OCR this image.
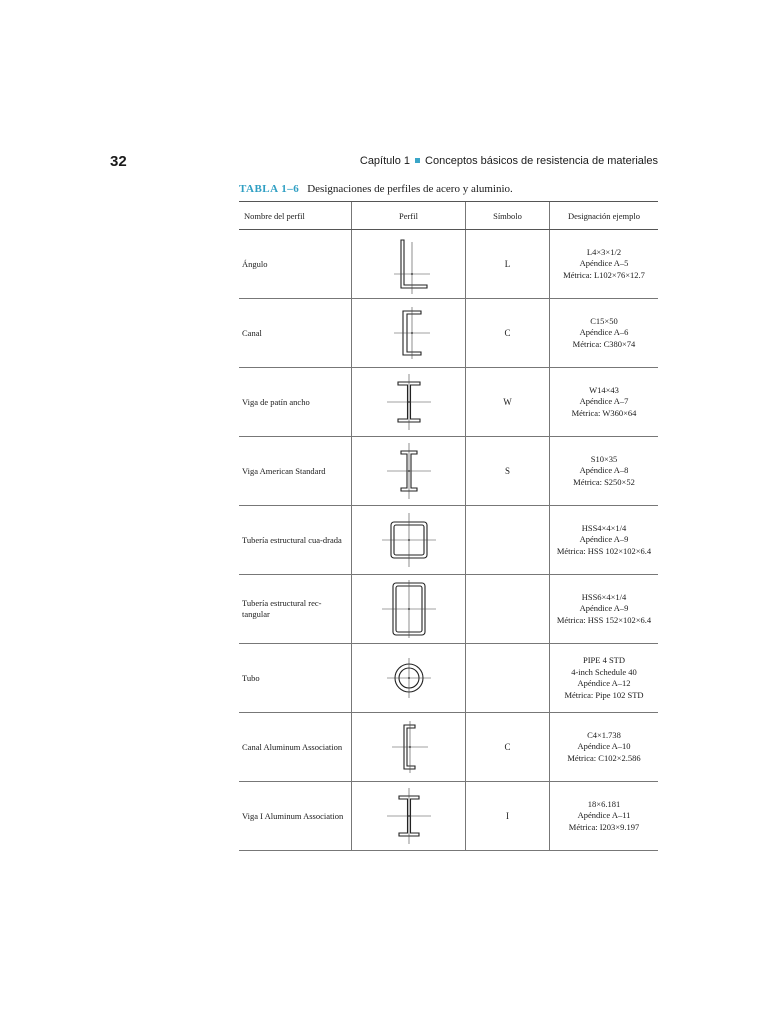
32	Capítulo 1 Conceptos básicos de resistencia de materiales
TABLA 1–6 Designaciones de perfiles de acero y aluminio.
Nombre del perfil	Perfil	Símbolo	Designación ejemplo
Ángulo		L	L4×3×1/2
Apéndice A–5
Métrica: L102×76×12.7

Canal		C	C15×50
Apéndice A–6
Métrica: C380×74

Viga de patín ancho		W	W14×43
Apéndice A–7
Métrica: W360×64

Viga American Standard		S	S10×35
Apéndice A–8
Métrica: S250×52

Tubería estructural cua-drada			HSS4×4×1/4
Apéndice A–9
Métrica: HSS 102×102×6.4

Tubería estructural rec-tangular			HSS6×4×1/4
Apéndice A–9
Métrica: HSS 152×102×6.4

Tubo			PIPE 4 STD
4-inch Schedule 40
Apéndice A–12
Métrica: Pipe 102 STD

Canal Aluminum Association		C	C4×1.738
Apéndice A–10
Métrica: C102×2.586

Viga I Aluminum Association		I	18×6.181
Apéndice A–11
Métrica: I203×9.197
